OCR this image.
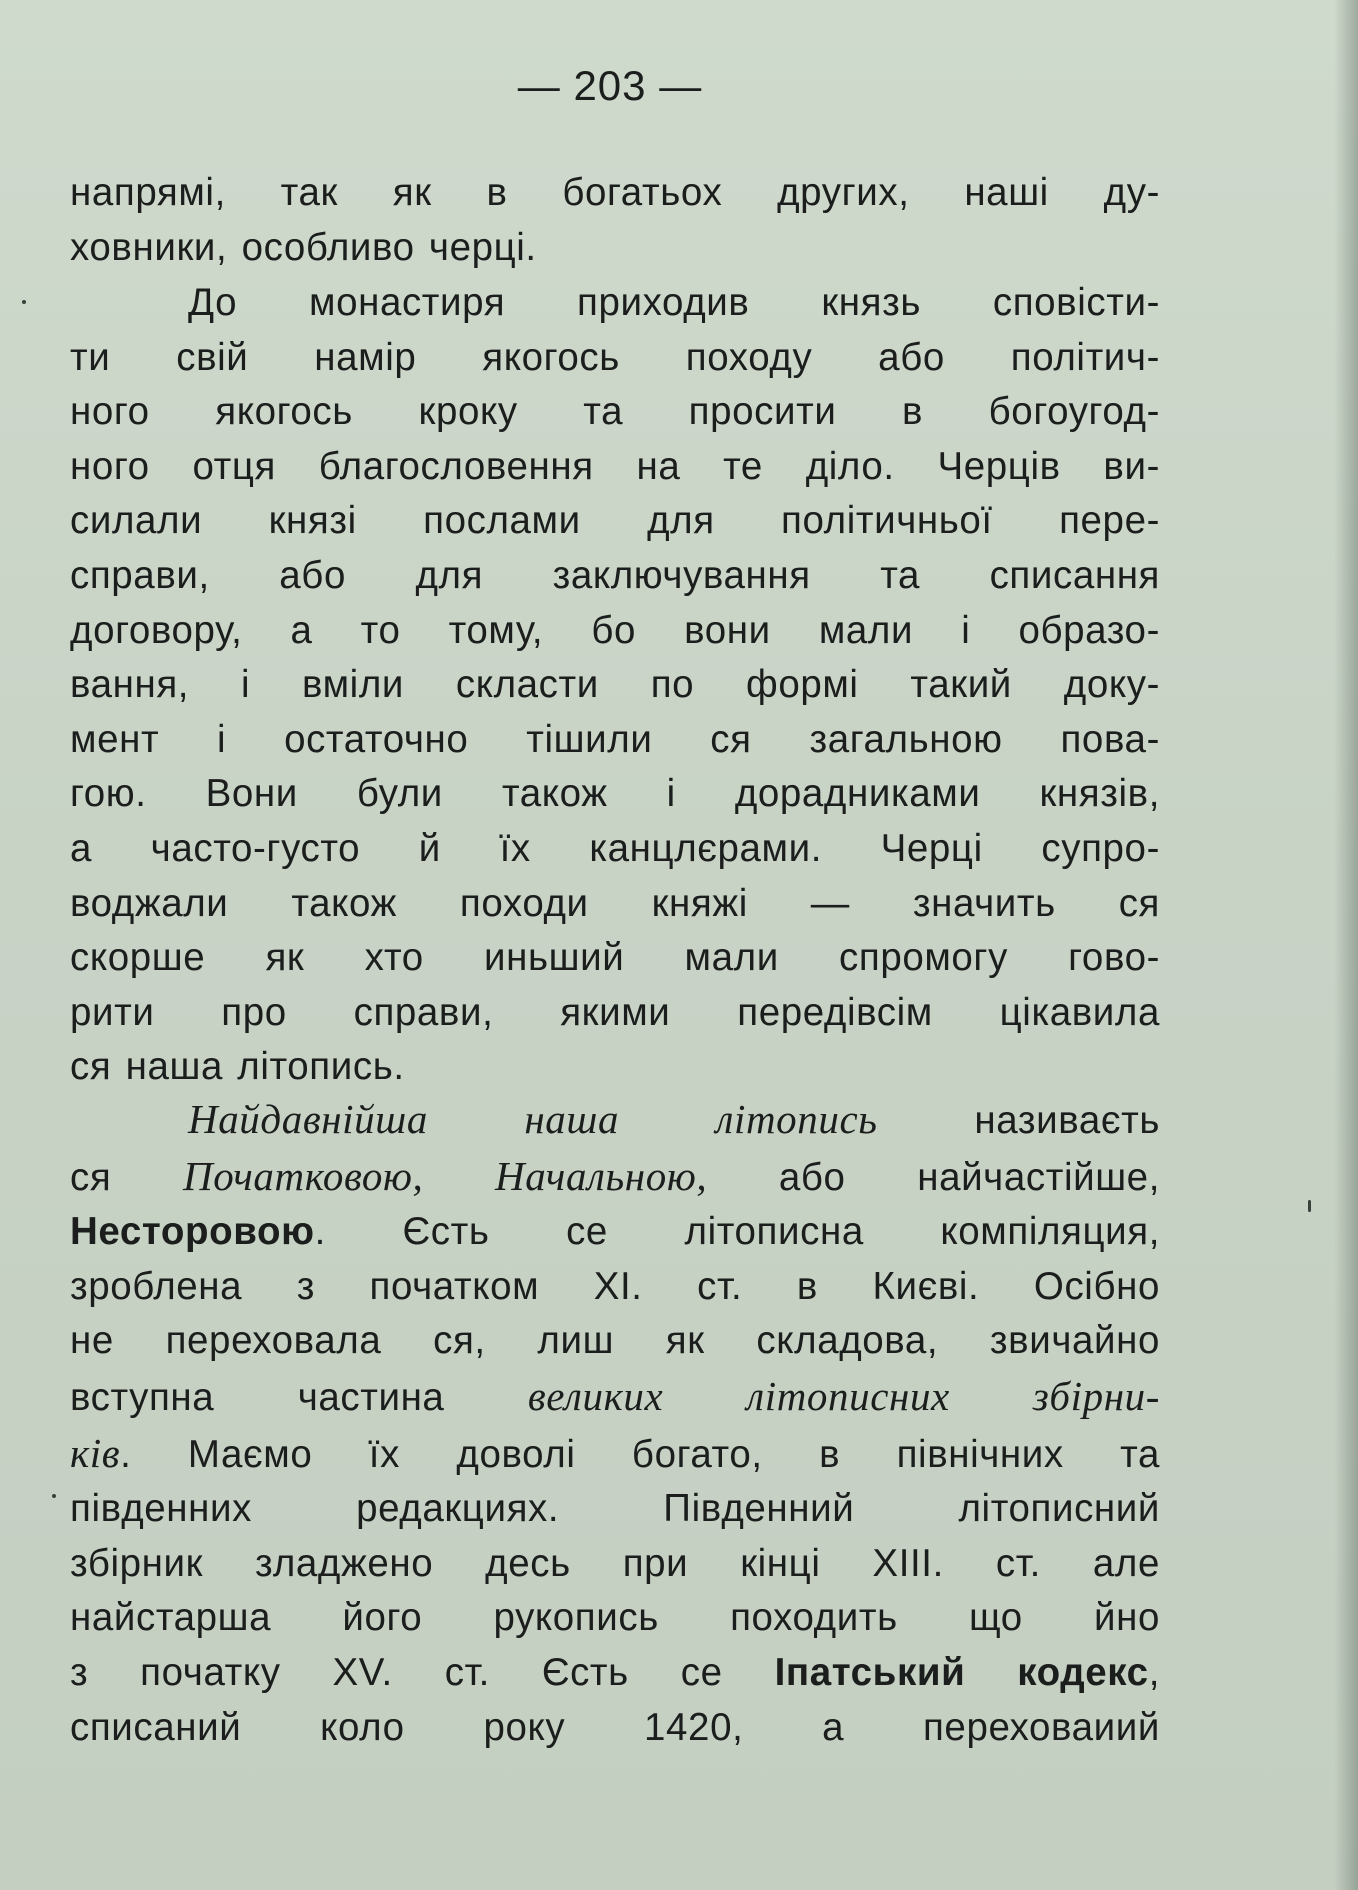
— 203 —
напрямі, так як в богатьох других, наші ду-
ховники, особливо черці.
До монастиря приходив князь сповісти-
ти свій намір якогось походу або політич-
ного якогось кроку та просити в богоугод-
ного отця благословення на те діло. Черців ви-
силали князі послами для політичньої пере-
справи, або для заключування та списання
договору, а то тому, бо вони мали і образо-
вання, і вміли скласти по формі такий доку-
мент і остаточно тішили ся загальною пова-
гою. Вони були також і дорадниками князів,
а часто-густо й їх канцлєрами. Черці супро-
воджали також походи княжі — значить ся
скорше як хто иньший мали спромогу гово-
рити про справи, якими передівсім цікавила
ся наша літопись.
Найдавнійша наша літопись називаєть
ся Початковою, Начальною, або найчастійше,
Несторовою. Єсть се літописна компіляция,
зроблена з початком XI. ст. в Києві. Осібно
не переховала ся, лиш як складова, звичайно
вступна частина великих літописних збірни-
ків. Маємо їх доволі богато, в північних та
південних редакциях. Південний літописний
збірник зладжено десь при кінці XIII. ст. але
найстарша його рукопись походить що йно
з початку XV. ст. Єсть се Іпатський кодекс,
списаний коло року 1420, а переховаиий
